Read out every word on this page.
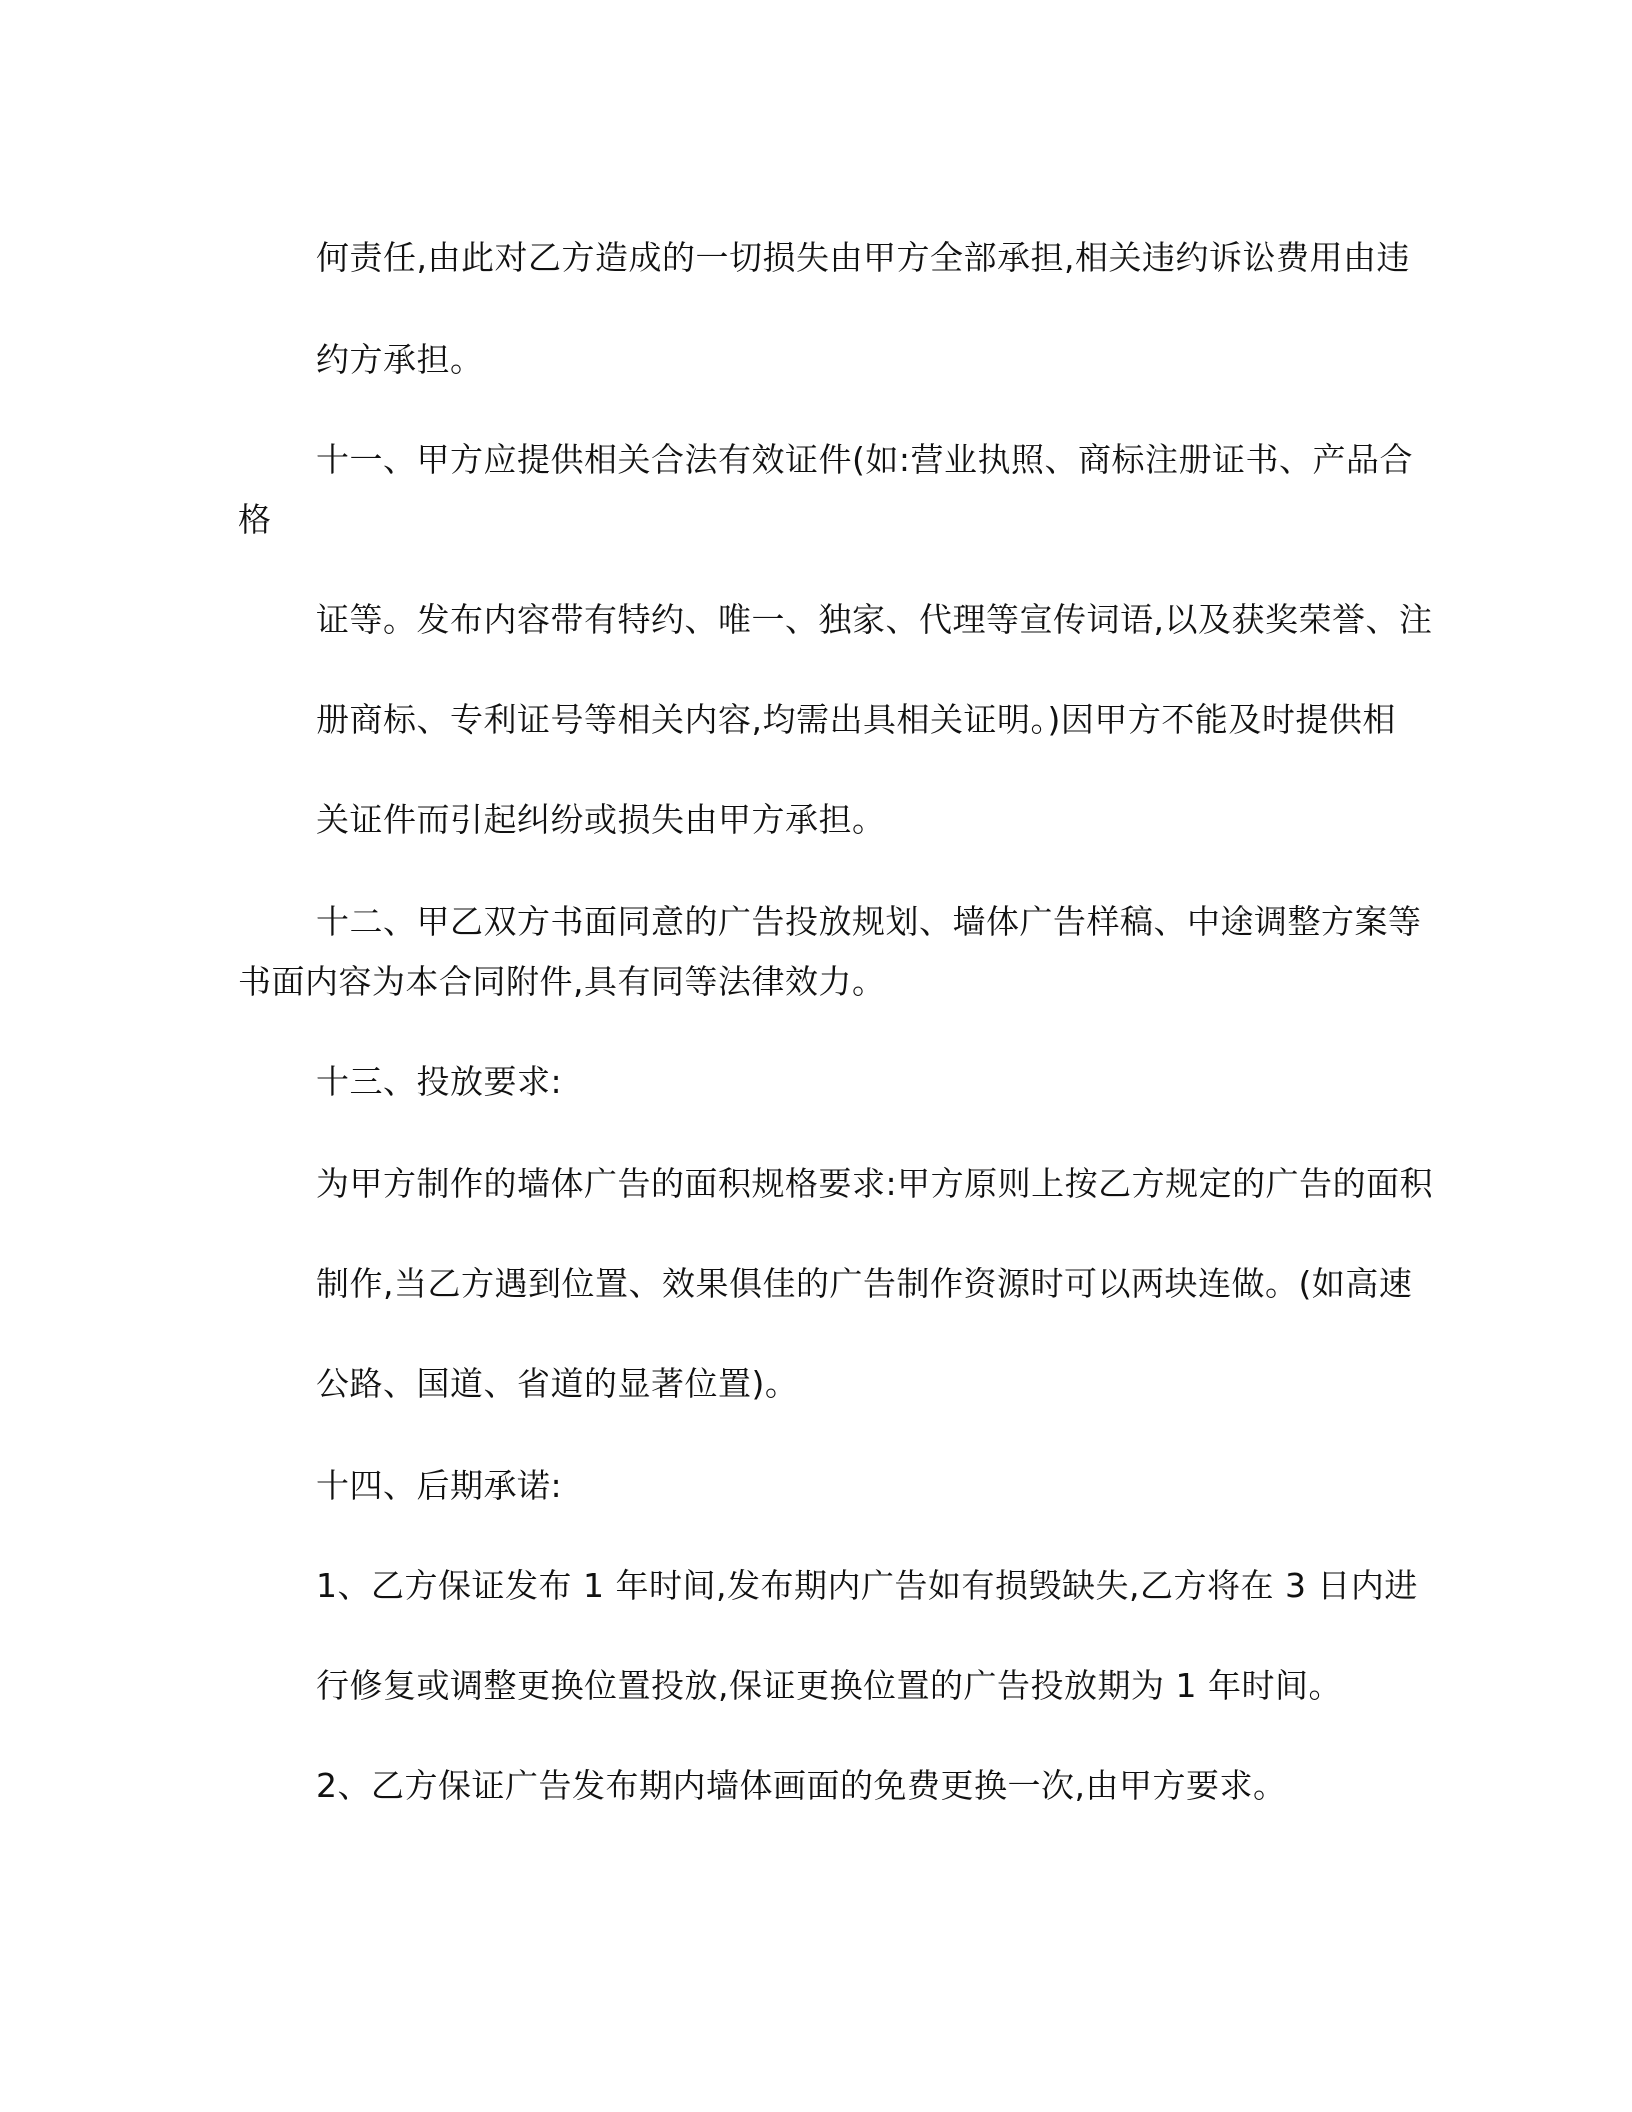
何责任,由此对乙方造成的一切损失由甲方全部承担,相关违约诉讼费用由违
约方承担。
十一、甲方应提供相关合法有效证件(如:营业执照、商标注册证书、产品合
格
证等。发布内容带有特约、唯一、独家、代理等宣传词语,以及获奖荣誉、注
册商标、专利证号等相关内容,均需出具相关证明。)因甲方不能及时提供相
关证件而引起纠纷或损失由甲方承担。
十二、甲乙双方书面同意的广告投放规划、墙体广告样稿、中途调整方案等
书面内容为本合同附件,具有同等法律效力。
十三、投放要求:
为甲方制作的墙体广告的面积规格要求:甲方原则上按乙方规定的广告的面积
制作,当乙方遇到位置、效果俱佳的广告制作资源时可以两块连做。(如高速
公路、国道、省道的显著位置)。
十四、后期承诺:
1、乙方保证发布 1 年时间,发布期内广告如有损毁缺失,乙方将在 3 日内进
行修复或调整更换位置投放,保证更换位置的广告投放期为 1 年时间。
2、乙方保证广告发布期内墙体画面的免费更换一次,由甲方要求。
